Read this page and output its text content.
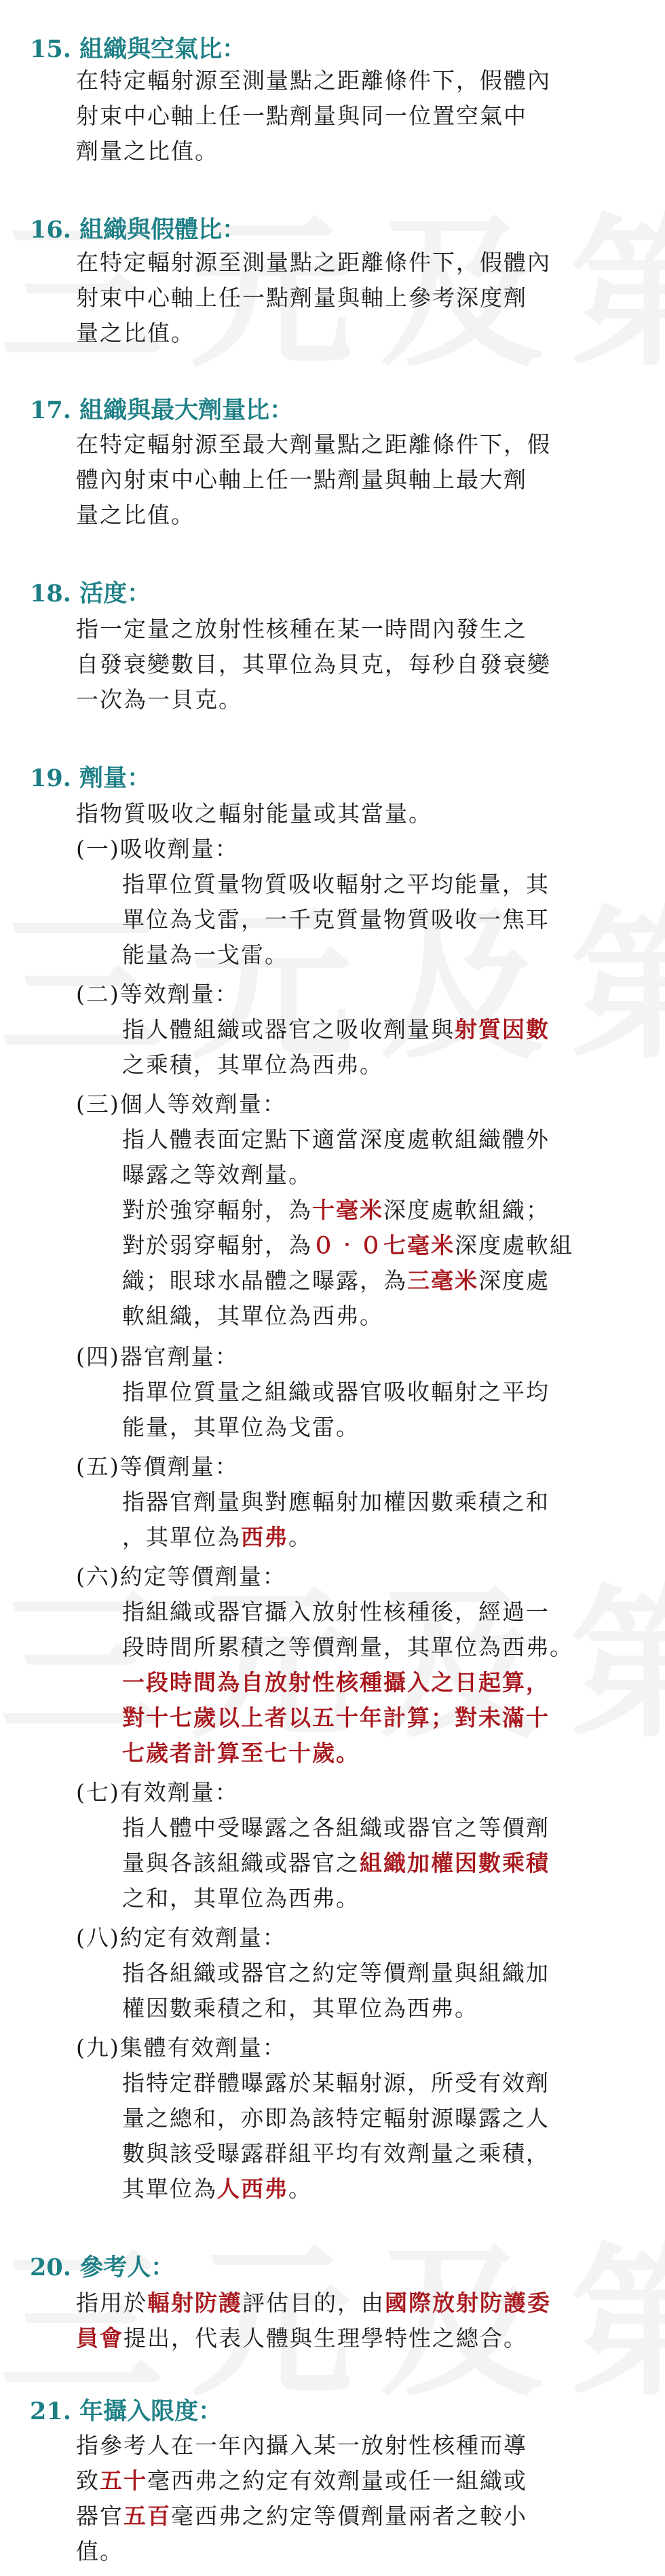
15. 組織與空氣比：
在特定輻射源至測量點之距離條件下，假體內
射束中心軸上任一點劑量與同一位置空氣中
劑量之比值。
16. 組織與假體比：
在特定輻射源至測量點之距離條件下，假體內
射束中心軸上任一點劑量與軸上參考深度劑
量之比值。
17. 組織與最大劑量比：
在特定輻射源至最大劑量點之距離條件下，假
體內射束中心軸上任一點劑量與軸上最大劑
量之比值。
18. 活度：
指一定量之放射性核種在某一時間內發生之
自發衰變數目，其單位為貝克，每秒自發衰變
一次為一貝克。
19. 劑量：
指物質吸收之輻射能量或其當量。
(一)吸收劑量：
指單位質量物質吸收輻射之平均能量，其
單位為戈雷，一千克質量物質吸收一焦耳
能量為一戈雷。
(二)等效劑量：
指人體組織或器官之吸收劑量與射質因數
之乘積，其單位為西弗。
(三)個人等效劑量：
指人體表面定點下適當深度處軟組織體外
曝露之等效劑量。
對於強穿輻射，為十毫米深度處軟組織；
對於弱穿輻射，為０‧０七毫米深度處軟組
織；眼球水晶體之曝露，為三毫米深度處
軟組織，其單位為西弗。
(四)器官劑量：
指單位質量之組織或器官吸收輻射之平均
能量，其單位為戈雷。
(五)等價劑量：
指器官劑量與對應輻射加權因數乘積之和
，其單位為西弗。
(六)約定等價劑量：
指組織或器官攝入放射性核種後，經過一
段時間所累積之等價劑量，其單位為西弗。
一段時間為自放射性核種攝入之日起算，
對十七歲以上者以五十年計算；對未滿十
七歲者計算至七十歲。
(七)有效劑量：
指人體中受曝露之各組織或器官之等價劑
量與各該組織或器官之組織加權因數乘積
之和，其單位為西弗。
(八)約定有效劑量：
指各組織或器官之約定等價劑量與組織加
權因數乘積之和，其單位為西弗。
(九)集體有效劑量：
指特定群體曝露於某輻射源，所受有效劑
量之總和，亦即為該特定輻射源曝露之人
數與該受曝露群組平均有效劑量之乘積，
其單位為人西弗。
20. 參考人：
指用於輻射防護評估目的，由國際放射防護委
員會提出，代表人體與生理學特性之總合。
21. 年攝入限度：
指參考人在一年內攝入某一放射性核種而導
致五十毫西弗之約定有效劑量或任一組織或
器官五百毫西弗之約定等價劑量兩者之較小
值。
